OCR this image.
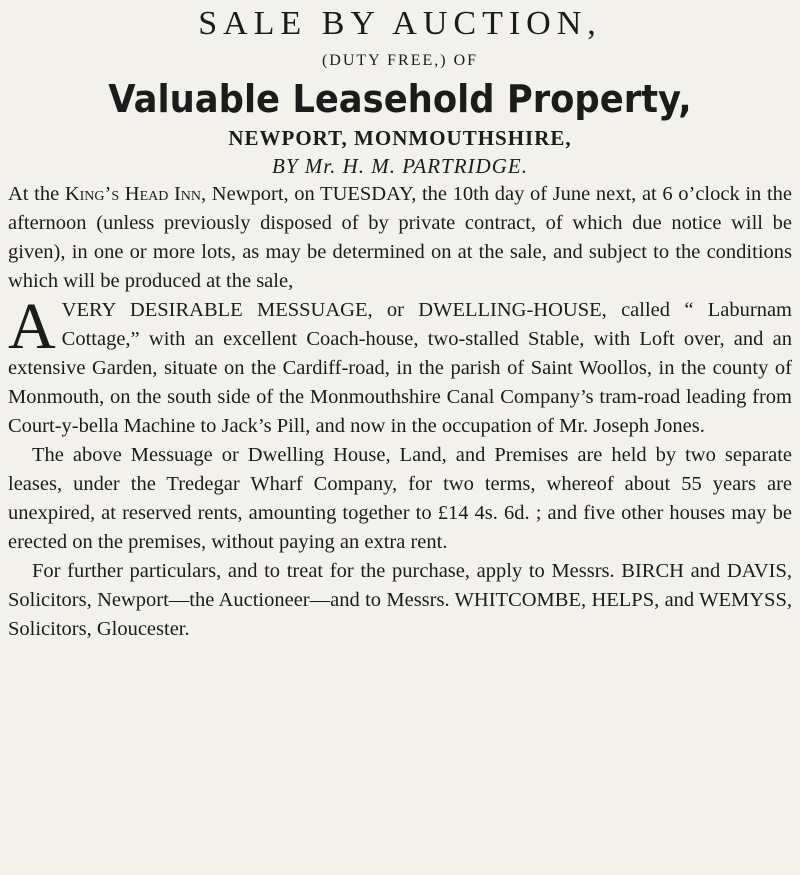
SALE BY AUCTION,
(DUTY FREE,) OF
Valuable Leasehold Property,
NEWPORT, MONMOUTHSHIRE,
BY Mr. H. M. PARTRIDGE.

At the King’s Head Inn, Newport, on TUESDAY, the 10th day of June next, at 6 o’clock in the afternoon (unless previously disposed of by private contract, of which due notice will be given), in one or more lots, as may be determined on at the sale, and subject to the conditions which will be produced at the sale,

AVERY DESIRABLE MESSUAGE, or DWELLING-HOUSE, called “ Laburnam Cottage,” with an excellent Coach-house, two-stalled Stable, with Loft over, and an extensive Garden, situate on the Cardiff-road, in the parish of Saint Woollos, in the county of Monmouth, on the south side of the Monmouthshire Canal Company’s tram-road leading from Court-y-bella Machine to Jack’s Pill, and now in the occupation of Mr. Joseph Jones.

The above Messuage or Dwelling House, Land, and Premises are held by two separate leases, under the Tredegar Wharf Company, for two terms, whereof about 55 years are unexpired, at reserved rents, amounting together to £14 4s. 6d. ; and five other houses may be erected on the premises, without paying an extra rent.

For further particulars, and to treat for the purchase, apply to Messrs. BIRCH and DAVIS, Solicitors, Newport—the Auctioneer—and to Messrs. WHITCOMBE, HELPS, and WEMYSS, Solicitors, Gloucester.
